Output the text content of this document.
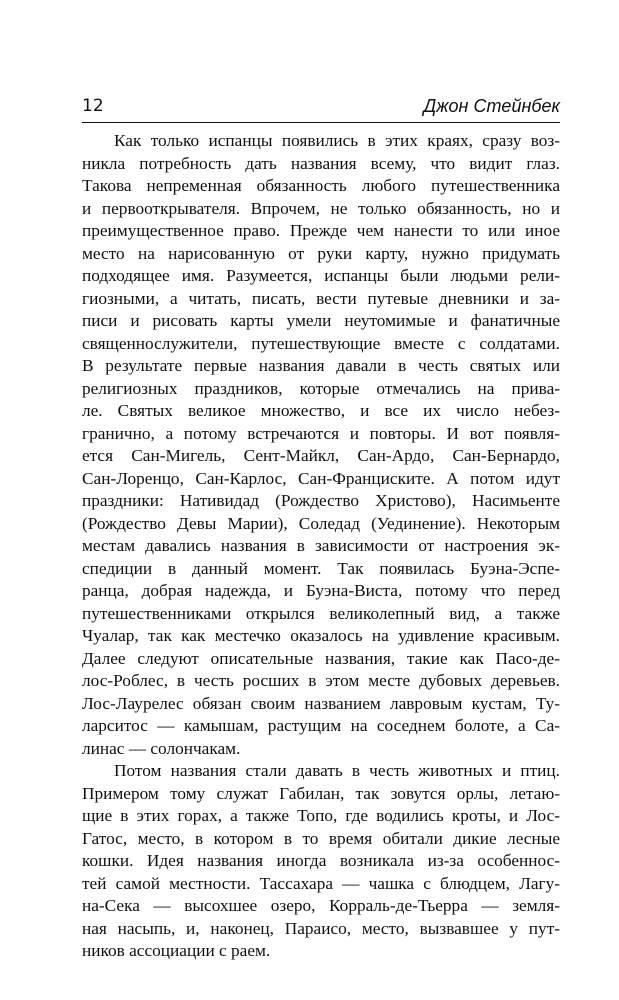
12	Джон Стейнбек
Как только испанцы появились в этих краях, сразу воз-
никла потребность дать названия всему, что видит глаз.
Такова непременная обязанность любого путешественника
и первооткрывателя. Впрочем, не только обязанность, но и
преимущественное право. Прежде чем нанести то или иное
место на нарисованную от руки карту, нужно придумать
подходящее имя. Разумеется, испанцы были людьми рели-
гиозными, а читать, писать, вести путевые дневники и за-
писи и рисовать карты умели неутомимые и фанатичные
священнослужители, путешествующие вместе с солдатами.
В результате первые названия давали в честь святых или
религиозных праздников, которые отмечались на прива-
ле. Святых великое множество, и все их число небез-
гранично, а потому встречаются и повторы. И вот появля-
ется Сан-Мигель, Сент-Майкл, Сан-Ардо, Сан-Бернардо,
Сан-Лоренцо, Сан-Карлос, Сан-Франциските. А потом идут
праздники: Нативидад (Рождество Христово), Насимьенте
(Рождество Девы Марии), Соледад (Уединение). Некоторым
местам давались названия в зависимости от настроения эк-
спедиции в данный момент. Так появилась Буэна-Эспе-
ранца, добрая надежда, и Буэна-Виста, потому что перед
путешественниками открылся великолепный вид, а также
Чуалар, так как местечко оказалось на удивление красивым.
Далее следуют описательные названия, такие как Пасо-де-
лос-Роблес, в честь росших в этом месте дубовых деревьев.
Лос-Лаурелес обязан своим названием лавровым кустам, Ту-
ларситос — камышам, растущим на соседнем болоте, а Са-
линас — солончакам.
Потом названия стали давать в честь животных и птиц.
Примером тому служат Габилан, так зовутся орлы, летаю-
щие в этих горах, а также Топо, где водились кроты, и Лос-
Гатос, место, в котором в то время обитали дикие лесные
кошки. Идея названия иногда возникала из-за особеннос-
тей самой местности. Тассахара — чашка с блюдцем, Лагу-
на-Сека — высохшее озеро, Корраль-де-Тьерра — земля-
ная насыпь, и, наконец, Параисо, место, вызвавшее у пут-
ников ассоциации с раем.
